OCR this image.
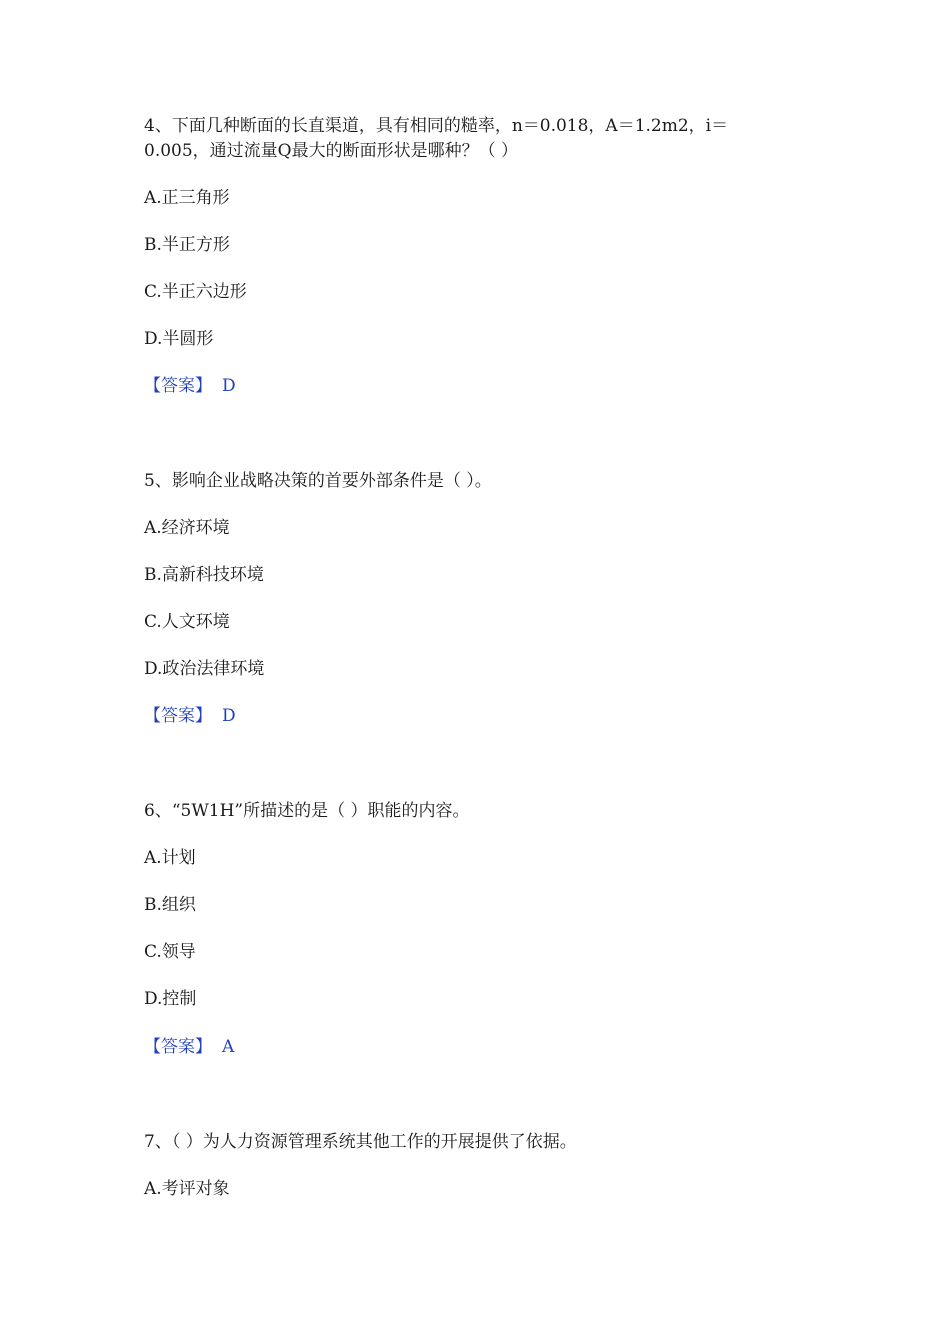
4、下面几种断面的长直渠道，具有相同的糙率，n＝0.018，A＝1.2m2，i＝
0.005，通过流量Q最大的断面形状是哪种？（ ）
A.正三角形
B.半正方形
C.半正六边形
D.半圆形
【答案】 D
5、影响企业战略决策的首要外部条件是（ ）。
A.经济环境
B.高新科技环境
C.人文环境
D.政治法律环境
【答案】 D
6、“5W1H”所描述的是（ ）职能的内容。
A.计划
B.组织
C.领导
D.控制
【答案】 A
7、（ ）为人力资源管理系统其他工作的开展提供了依据。
A.考评对象
